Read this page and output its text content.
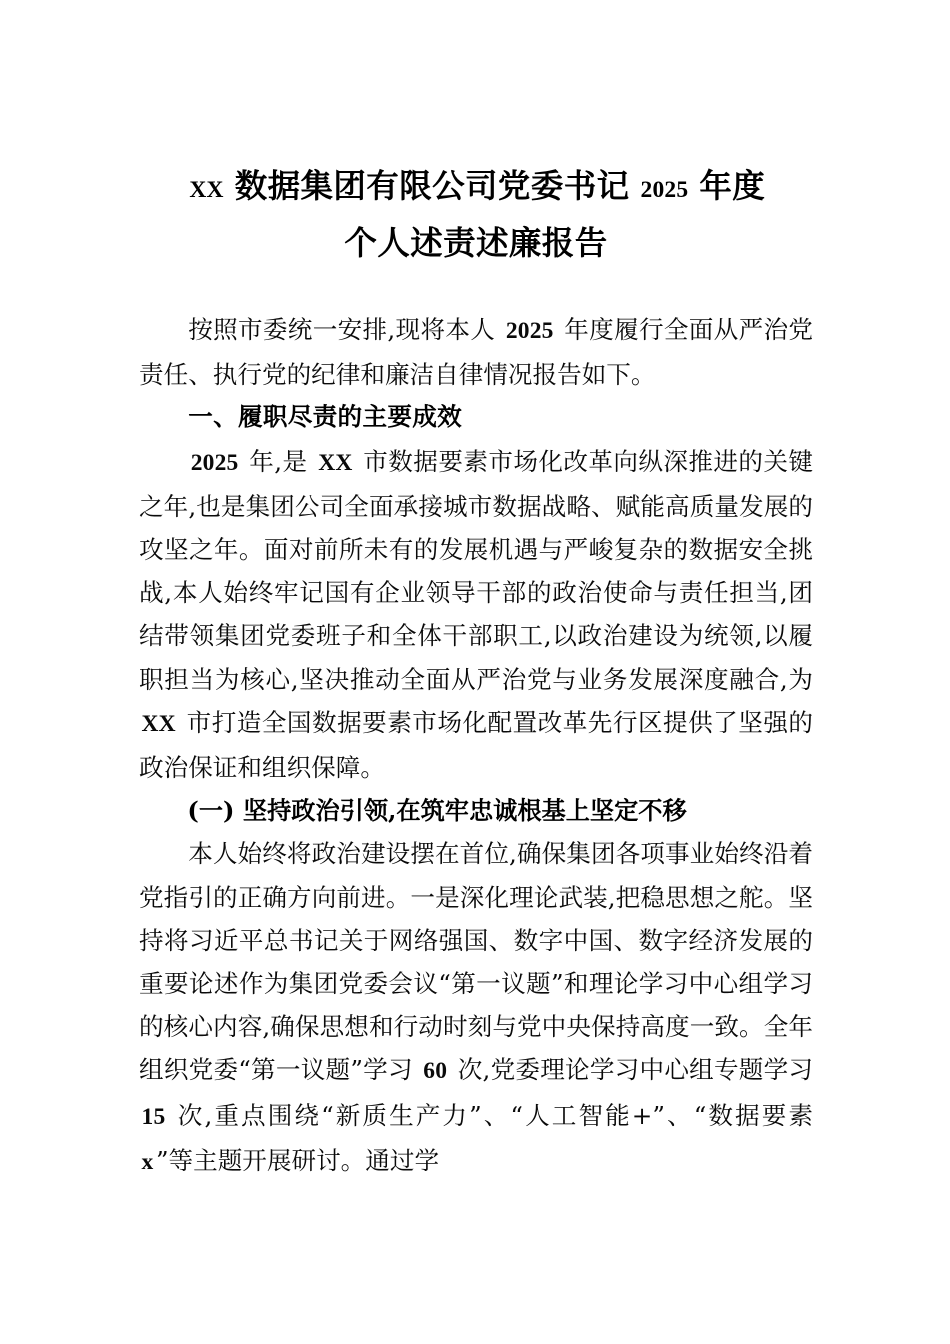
XX 数据集团有限公司党委书记 2025 年度
个人述责述廉报告

按照市委统一安排,现将本人 2025 年度履行全面从严治党责任、执行党的纪律和廉洁自律情况报告如下。

一、履职尽责的主要成效

2025 年,是 XX 市数据要素市场化改革向纵深推进的关键之年,也是集团公司全面承接城市数据战略、赋能高质量发展的攻坚之年。面对前所未有的发展机遇与严峻复杂的数据安全挑战,本人始终牢记国有企业领导干部的政治使命与责任担当,团结带领集团党委班子和全体干部职工,以政治建设为统领,以履职担当为核心,坚决推动全面从严治党与业务发展深度融合,为 XX 市打造全国数据要素市场化配置改革先行区提供了坚强的政治保证和组织保障。

(一) 坚持政治引领,在筑牢忠诚根基上坚定不移

本人始终将政治建设摆在首位,确保集团各项事业始终沿着党指引的正确方向前进。一是深化理论武装,把稳思想之舵。坚持将习近平总书记关于网络强国、数字中国、数字经济发展的重要论述作为集团党委会议“第一议题”和理论学习中心组学习的核心内容,确保思想和行动时刻与党中央保持高度一致。全年组织党委“第一议题”学习 60 次,党委理论学习中心组专题学习 15 次,重点围绕“新质生产力”、“人工智能+”、“数据要素 x ”等主题开展研讨。通过学
